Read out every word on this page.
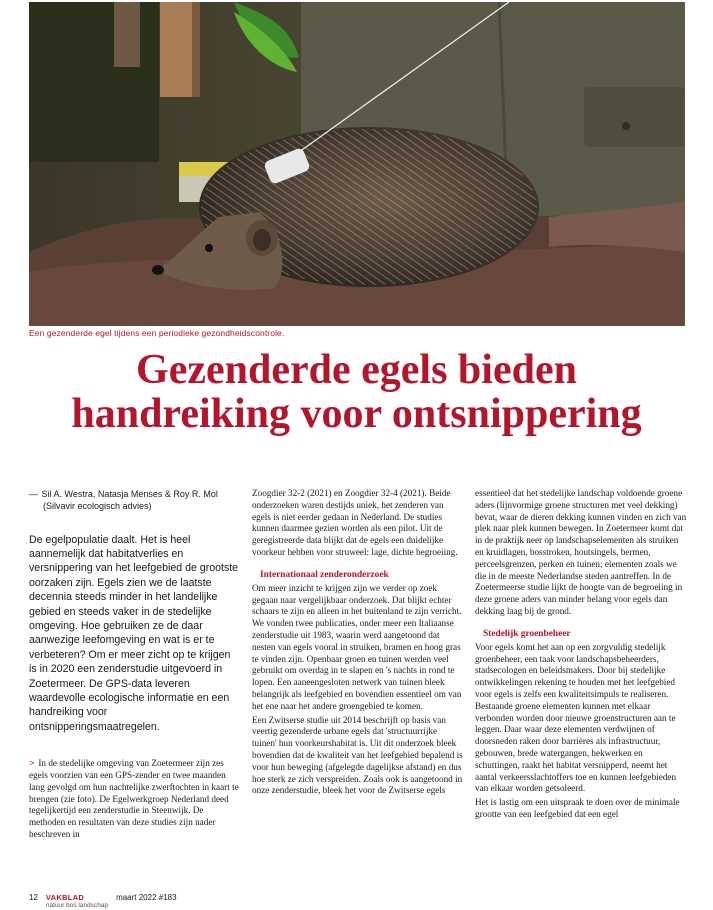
Een gezenderde egel tijdens een periodieke gezondheidscontrole.
Gezenderde egels bieden
handreiking voor ontsnippering

— Sil A. Westra, Natasja Menses & Roy R. Mol
(Silvavir ecologisch advies)

De egelpopulatie daalt. Het is heel aannemelijk dat habitatverlies en versnippering van het leefgebied de grootste oorzaken zijn. Egels zien we de laatste decennia steeds minder in het landelijke gebied en steeds vaker in de stedelijke omgeving. Hoe gebruiken ze de daar aanwezige leefomgeving en wat is er te verbeteren? Om er meer zicht op te krijgen is in 2020 een zenderstudie uitgevoerd in Zoetermeer. De GPS-data leveren waardevolle ecologische informatie en een handreiking voor ontsnipperingsmaatregelen.

> In de stedelijke omgeving van Zoetermeer zijn zes egels voorzien van een GPS-zender en twee maanden lang gevolgd om hun nachtelijke zwerftochten in kaart te brengen (zie foto). De Egelwerkgroep Nederland deed tegelijkertijd een zenderstudie in Steenwijk. De methoden en resultaten van deze studies zijn nader beschreven in

Zoogdier 32-2 (2021) en Zoogdier 32-4 (2021). Beide onderzoeken waren destijds uniek, het zenderen van egels is niet eerder gedaan in Nederland. De studies kunnen daarmee gezien worden als een pilot. Uit de geregistreerde data blijkt dat de egels een duidelijke voorkeur hebben voor struweel: lage, dichte begroeiing.

Internationaal zenderonderzoek

Om meer inzicht te krijgen zijn we verder op zoek gegaan naar vergelijkbaar onderzoek. Dat blijkt echter schaars te zijn en alleen in het buitenland te zijn verricht. We vonden twee publicaties, onder meer een Italiaanse zenderstudie uit 1983, waarin werd aangetoond dat nesten van egels vooral in struiken, bramen en hoog gras te vinden zijn. Openbaar groen en tuinen werden veel gebruikt om overdag in te slapen en 's nachts in rond te lopen. Een aaneengesloten netwerk van tuinen bleek belangrijk als leefgebied en bovendien essentieel om van het ene naar het andere groengebied te komen.

Een Zwitserse studie uit 2014 beschrijft op basis van veertig gezenderde urbane egels dat 'structuurrijke tuinen' hun voorkeurshabitat is. Uit dit onderzoek bleek bovendien dat de kwaliteit van het leefgebied bepalend is voor hun beweging (afgelegde dagelijkse afstand) en dus hoe sterk ze zich verspreiden. Zoals ook is aangetoond in onze zenderstudie, bleek het voor de Zwitserse egels

essentieel dat het stedelijke landschap voldoende groene aders (lijnvormige groene structuren met veel dekking) bevat, waar de dieren dekking kunnen vinden en zich van plek naar plek kunnen bewegen. In Zoetermeer komt dat in de praktijk neer op landschapselementen als struiken en kruidlagen, bosstroken, houtsingels, bermen, perceelsgrenzen, perken en tuinen; elementen zoals we die in de meeste Nederlandse steden aantreffen. In de Zoetermeerse studie lijkt de hoogte van de begroeiing in deze groene aders van minder belang voor egels dan dekking laag bij de grond.

Stedelijk groenbeheer

Voor egels komt het aan op een zorgvuldig stedelijk groenbeheer, een taak voor landschapsbeheerders, stadsecologen en beleidsmakers. Door bij stedelijke ontwikkelingen rekening te houden met het leefgebied voor egels is zelfs een kwaliteitsimpuls te realiseren. Bestaande groene elementen kunnen met elkaar verbonden worden door nieuwe groenstructuren aan te leggen. Daar waar deze elementen verdwijnen of doorsneden raken door barrières als infrastructuur, gebouwen, brede watergangen, hekwerken en schuttingen, raakt het habitat versnipperd, neemt het aantal verkeersslachtoffers toe en kunnen leefgebieden van elkaar worden getsoleerd.

Het is lastig om een uitspraak te doen over de minimale grootte van een leefgebied dat een egel

12 VAKBLAD
natuur bos landschap
maart 2022 #183
